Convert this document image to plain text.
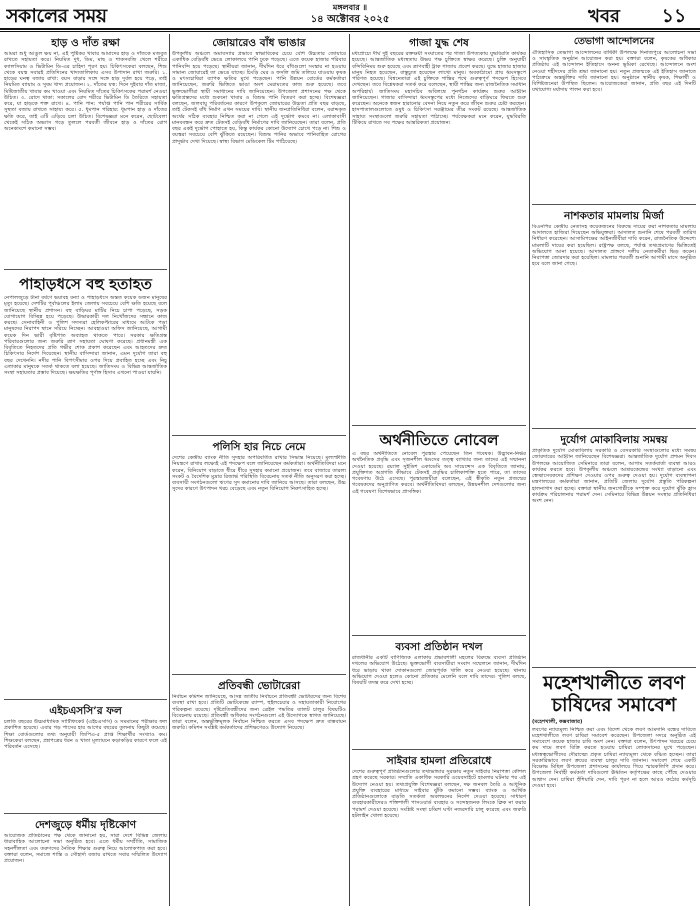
সকালের সময়	মঙ্গলবার ॥
১৪ অক্টোবর ২০২৫	খবর	১১
হাড় ও দাঁত রক্ষা
আমরা শুধু আঙুল ক্ষয় না, এই পুষ্টিকর খাবার আমাদের হাড় ও দাঁতকে মজবুত রাখতে সহায়তা করে। নিয়মিত দুধ, ডিম, মাছ ও শাকসবজি খেলে শরীরে ক্যালসিয়াম ও ভিটামিন ডি-এর চাহিদা পূরণ হয়। চিকিৎসকেরা বলছেন, শিশু থেকে বয়স্ক সবারই প্রতিদিনের খাদ্যতালিকায় এসব উপাদান রাখা জরুরি। ১. হাড়ের ঘনত্ব বজায় রাখা: বয়স বাড়ার সঙ্গে সঙ্গে হাড় দুর্বল হয়ে পড়ে, তাই নিয়মিত ব্যায়াম ও সুষম খাদ্য প্রয়োজন। ২. দাঁতের যত্ন: দিনে দুইবার দাঁত মাজা, মিষ্টিজাতীয় খাবার কম খাওয়া এবং নিয়মিত দাঁতের চিকিৎসকের পরামর্শ নেওয়া উচিত। ৩. রোদে থাকা: সকালের রোদ শরীরে ভিটামিন ডি তৈরিতে সহায়তা করে, যা হাড়কে শক্ত রাখে। ৪. পানি পান: পর্যাপ্ত পানি পান শরীরের সার্বিক সুস্থতা বজায় রাখতে সাহায্য করে। ৫. ধূমপান পরিহার: ধূমপান হাড় ও দাঁতের ক্ষতি করে, তাই এটি এড়িয়ে চলা উচিত। বিশেষজ্ঞরা মনে করেন, ছোটবেলা থেকেই সঠিক অভ্যাস গড়ে তুললে পরবর্তী জীবনে হাড় ও দাঁতের রোগ অনেকাংশে কমানো সম্ভব।
পাহাড়ধসে বহু হতাহত
নেপালজুড়ে টানা বর্ষণে ভয়াবহ বন্যা ও পাহাড়ধসে অন্তত কয়েক ডজন মানুষের মৃত্যু হয়েছে। দেশটির পূর্বাঞ্চলের ইলাম জেলায় সবচেয়ে বেশি ক্ষতি হয়েছে বলে জানিয়েছে স্থানীয় প্রশাসন। বহু বাড়িঘর মাটির নিচে চাপা পড়েছে, সড়ক যোগাযোগ বিচ্ছিন্ন হয়ে পড়েছে। উদ্ধারকারী দল নিখোঁজদের সন্ধানে কাজ করছে। সেনাবাহিনী ও পুলিশ সদস্যরা হেলিকপ্টারের মাধ্যমে আটকে পড়া মানুষদের নিরাপদ স্থানে সরিয়ে নিচ্ছেন। আবহাওয়া অফিস জানিয়েছে, আগামী কয়েক দিন ভারী বৃষ্টিপাত অব্যাহত থাকতে পারে। সরকার ক্ষতিগ্রস্ত পরিবারগুলোর জন্য জরুরি ত্রাণ সহায়তা ঘোষণা করেছে। প্রধানমন্ত্রী এক বিবৃতিতে নিহতদের প্রতি গভীর শোক প্রকাশ করেছেন এবং আহতদের দ্রুত চিকিৎসার নির্দেশ দিয়েছেন। স্থানীয় বাসিন্দারা জানান, এমন দুর্যোগ তারা বহু বছর দেখেননি। নদীর পানি বিপৎসীমার ওপর দিয়ে প্রবাহিত হচ্ছে এবং নিচু এলাকার মানুষকে সতর্ক থাকতে বলা হয়েছে। জাতিসংঘ ও বিভিন্ন আন্তর্জাতিক সংস্থা সহায়তার প্রস্তাব দিয়েছে। ক্ষয়ক্ষতির পূর্ণাঙ্গ হিসাব এখনো পাওয়া যায়নি।
এইচএসসি’র ফল
চলতি বছরের উচ্চমাধ্যমিক সার্টিফিকেট (এইচএসসি) ও সমমানের পরীক্ষার ফল প্রকাশিত হয়েছে। এবার গড় পাসের হার আগের বছরের তুলনায় কিছুটা কমেছে। শিক্ষা বোর্ডগুলোর তথ্য অনুযায়ী জিপিএ-৫ প্রাপ্ত শিক্ষার্থীর সংখ্যাও কম। শিক্ষকেরা বলছেন, প্রশ্নপত্রের ধরন ও খাতা মূল্যায়নে কড়াকড়ির কারণে ফলে এই পরিবর্তন এসেছে।
দেশজুড়ে ধর্মীয় দৃষ্টিকোণ
আয়োজক প্রতিষ্ঠানের পক্ষ থেকে জানানো হয়, সারা দেশে বিভিন্ন জেলায় ধারাবাহিক আলোচনা সভা অনুষ্ঠিত হবে। এতে ধর্মীয় সম্প্রীতি, সামাজিক সহনশীলতা এবং তরুণদের নৈতিক শিক্ষার গুরুত্ব নিয়ে আলোকপাত করা হবে। বক্তারা বলেন, সমাজে শান্তি ও সৌহার্দ্য বজায় রাখতে সবার সম্মিলিত উদ্যোগ প্রয়োজন।
জোয়ারেও বাঁধ ভাঙার
উপকূলীয় অঞ্চলে অমাবস্যার প্রভাবে স্বাভাবিকের চেয়ে বেশি উচ্চতার জোয়ারে একাধিক বেড়িবাঁধ ভেঙে লোকালয়ে পানি ঢুকে পড়েছে। এতে কয়েক হাজার পরিবার পানিবন্দি হয়ে পড়েছে। স্থানীয়রা জানান, দীর্ঘদিন ধরে বাঁধগুলো সংস্কার না হওয়ায় সামান্য জোয়ারেই তা ভেঙে যাচ্ছে। চিংড়ি ঘের ও ফসলি জমি তলিয়ে যাওয়ায় কৃষক ও মৎস্যচাষিরা ব্যাপক ক্ষতির মুখে পড়েছেন। পানি উন্নয়ন বোর্ডের কর্মকর্তারা জানিয়েছেন, জরুরি ভিত্তিতে ভাঙা অংশ মেরামতের কাজ শুরু হয়েছে। তবে ভুক্তভোগীরা স্থায়ী সমাধানের দাবি জানিয়েছেন। উপজেলা প্রশাসনের পক্ষ থেকে ক্ষতিগ্রস্তদের মধ্যে শুকনো খাবার ও বিশুদ্ধ পানি বিতরণ করা হচ্ছে। বিশেষজ্ঞরা বলছেন, জলবায়ু পরিবর্তনের কারণে উপকূলে জোয়ারের উচ্চতা প্রতি বছর বাড়ছে, তাই টেকসই বাঁধ নির্মাণ এখন সময়ের দাবি। স্থানীয় জনপ্রতিনিধিরা বলেন, বরাদ্দকৃত অর্থের সঠিক ব্যবহার নিশ্চিত করা না গেলে এই দুর্ভোগ কমবে না। এলাকাবাসী মানববন্ধন করে দ্রুত টেকসই বেড়িবাঁধ নির্মাণের দাবি জানিয়েছেন। তারা বলেন, প্রতি বছর একই দুর্ভোগ পোহাতে হয়, কিন্তু কার্যকর কোনো উদ্যোগ চোখে পড়ে না। শিশু ও বয়স্করা সবচেয়ে বেশি ঝুঁকিতে রয়েছেন। বিশুদ্ধ পানির অভাবে পানিবাহিত রোগের প্রাদুর্ভাব দেখা দিয়েছে। স্বাস্থ্য বিভাগ মেডিকেল টিম পাঠিয়েছে।
পলিসি হার নিচে নেমে
দেশের কেন্দ্রীয় ব্যাংক নীতি সুদহার অপরিবর্তিত রাখার সিদ্ধান্ত নিয়েছে। মূল্যস্ফীতি নিয়ন্ত্রণে রাখার লক্ষ্যেই এই পদক্ষেপ বলে জানিয়েছেন কর্মকর্তারা। অর্থনীতিবিদরা মনে করেন, বিনিয়োগ বাড়াতে ধীরে ধীরে সুদহার কমানো প্রয়োজন। তবে বাজারে তারল্য সংকট ও বৈদেশিক মুদ্রার রিজার্ভ পরিস্থিতি বিবেচনায় সতর্ক নীতি অনুসরণ করা হচ্ছে। ব্যবসায়ী সংগঠনগুলো ঋণের সুদ কমানোর দাবি জানিয়ে আসছে। তারা বলছেন, উচ্চ সুদের কারণে উৎপাদন খরচ বেড়েছে এবং নতুন বিনিয়োগ নিরুৎসাহিত হচ্ছে।
প্রতিবন্ধী ভোটারেরা
নির্বাচন কমিশন জানিয়েছে, আসন্ন জাতীয় নির্বাচনে প্রতিবন্ধী ভোটারদের জন্য বিশেষ ব্যবস্থা রাখা হবে। প্রতিটি ভোটকেন্দ্রে র‍্যাম্প, হুইলচেয়ার ও সহায়তাকারী নিয়োগের পরিকল্পনা রয়েছে। দৃষ্টিপ্রতিবন্ধীদের জন্য ব্রেইল পদ্ধতির ব্যালট চালুর বিষয়টিও বিবেচনায় রয়েছে। প্রতিবন্ধী অধিকার সংগঠনগুলো এই উদ্যোগকে স্বাগত জানিয়েছে। তারা বলেন, অন্তর্ভুক্তিমূলক নির্বাচন নিশ্চিত করতে এসব পদক্ষেপ দ্রুত বাস্তবায়ন জরুরি। কমিশন সংশ্লিষ্ট কর্মকর্তাদের প্রশিক্ষণেরও উদ্যোগ নিয়েছে।
গাজা যুদ্ধ শেষ
মধ্যপ্রাচ্যে দীর্ঘ দুই বছরের রক্তক্ষয়ী সংঘাতের পর গাজা উপত্যকায় যুদ্ধবিরতি কার্যকর হয়েছে। আন্তর্জাতিক মধ্যস্থতায় উভয় পক্ষ চুক্তিতে স্বাক্ষর করেছে। চুক্তি অনুযায়ী বন্দিবিনিময় শুরু হয়েছে এবং ত্রাণবাহী ট্রাক গাজায় প্রবেশ করছে। যুদ্ধে হাজার হাজার মানুষ নিহত হয়েছেন, বাস্তুচ্যুত হয়েছেন লাখো মানুষ। অবকাঠামো প্রায় ধ্বংসস্তূপে পরিণত হয়েছে। বিশ্বনেতারা এই চুক্তিকে শান্তির পথে গুরুত্বপূর্ণ পদক্ষেপ হিসেবে দেখছেন। তবে বিশ্লেষকরা সতর্ক করে বলেছেন, স্থায়ী শান্তির জন্য রাজনৈতিক সমাধান অপরিহার্য। জাতিসংঘ মহাসচিব অবিলম্বে পুনর্গঠন কার্যক্রম শুরুর আহ্বান জানিয়েছেন। গাজার বাসিন্দারা ধ্বংসস্তূপের মধ্যে নিজেদের বাড়িঘরে ফিরতে শুরু করেছেন। অনেকে স্বজন হারানোর বেদনা নিয়ে নতুন করে জীবন শুরুর চেষ্টা করছেন। হাসপাতালগুলোতে ওষুধ ও চিকিৎসা সরঞ্জামের তীব্র সংকট রয়েছে। আন্তর্জাতিক সাহায্য সংস্থাগুলো জরুরি সহায়তা পাঠাচ্ছে। পর্যবেক্ষকরা মনে করেন, যুদ্ধবিরতি টিকিয়ে রাখতে সব পক্ষের আন্তরিকতা প্রয়োজন।
অর্থনীতিতে নোবেল
এ বছর অর্থনীতিতে নোবেল পুরস্কার পেয়েছেন তিন গবেষক। উদ্ভাবন-নির্ভর অর্থনৈতিক প্রবৃদ্ধি এবং সৃজনশীল ধ্বংসের তত্ত্ব ব্যাখ্যার জন্য তাদের এই সম্মাননা দেওয়া হয়েছে। রয়্যাল সুইডিশ একাডেমি অব সায়েন্সেস এক বিবৃতিতে জানায়, প্রযুক্তিগত অগ্রগতি কীভাবে টেকসই প্রবৃদ্ধির চালিকাশক্তি হতে পারে, তা তাদের গবেষণায় উঠে এসেছে। পুরস্কারজয়ীরা বলেছেন, এই স্বীকৃতি নতুন প্রজন্মের গবেষকদের অনুপ্রাণিত করবে। অর্থনীতিবিদরা বলছেন, উন্নয়নশীল দেশগুলোর জন্য এই গবেষণা বিশেষভাবে প্রাসঙ্গিক।
ব্যবসা প্রতিষ্ঠান দখল
রাজধানীর একটি বাণিজ্যিক এলাকায় প্রভাবশালী মহলের বিরুদ্ধে ব্যবসা প্রতিষ্ঠান দখলের অভিযোগ উঠেছে। ভুক্তভোগী ব্যবসায়ীরা সংবাদ সম্মেলনে জানান, দীর্ঘদিন ধরে ভাড়ায় থাকা দোকানগুলো জোরপূর্বক খালি করে নেওয়া হয়েছে। থানায় অভিযোগ দেওয়া হলেও কোনো প্রতিকার মেলেনি বলে দাবি তাদের। পুলিশ বলছে, বিষয়টি তদন্ত করে দেখা হচ্ছে।
সাইবার হামলা প্রতিরোধে
দেশের গুরুত্বপূর্ণ প্রতিষ্ঠানগুলোর তথ্যভান্ডার সুরক্ষায় নতুন সাইবার নিরাপত্তা কৌশল গ্রহণ করেছে সরকার। সম্প্রতি একাধিক সরকারি ওয়েবসাইটে হামলার ঘটনার পর এই উদ্যোগ নেওয়া হয়। তথ্যপ্রযুক্তি বিশেষজ্ঞরা বলছেন, দক্ষ জনবল তৈরি ও আধুনিক প্রযুক্তি ব্যবহারের মাধ্যমে সাইবার ঝুঁকি কমানো সম্ভব। ব্যাংক ও আর্থিক প্রতিষ্ঠানগুলোকে বাড়তি সতর্কতা অবলম্বনের নির্দেশ দেওয়া হয়েছে। সাধারণ ব্যবহারকারীদেরও শক্তিশালী পাসওয়ার্ড ব্যবহার ও সন্দেহজনক লিংকে ক্লিক না করার পরামর্শ দেওয়া হয়েছে। সংশ্লিষ্ট সংস্থা চব্বিশ ঘণ্টা নজরদারি চালু করেছে এবং জরুরি হটলাইন খোলা হয়েছে।
তেভাগা আন্দোলনের
ঐতিহাসিক তেভাগা আন্দোলনের বার্ষিকী উপলক্ষে দিনাজপুরে আলোচনা সভা ও সাংস্কৃতিক অনুষ্ঠান আয়োজন করা হয়। বক্তারা বলেন, কৃষকের অধিকার প্রতিষ্ঠায় এই আন্দোলন ইতিহাসে অনন্য ভূমিকা রেখেছে। আন্দোলনে অংশ নেওয়া শহীদদের প্রতি শ্রদ্ধা জানানো হয়। নতুন প্রজন্মকে এই ইতিহাস জানাতে পাঠ্যক্রমে অন্তর্ভুক্তির দাবি জানানো হয়। অনুষ্ঠানে স্থানীয় কৃষক, শিক্ষার্থী ও বিশিষ্টজনেরা উপস্থিত ছিলেন। আয়োজকেরা জানান, প্রতি বছর এই দিনটি যথাযোগ্য মর্যাদায় পালন করা হবে।
নাশকতার মামলায় মির্জা
বিএনপির কেন্দ্রীয় নেতাসহ কয়েকজনের বিরুদ্ধে দায়ের করা নাশকতার মামলায় আদালতে হাজিরা দিয়েছেন অভিযুক্তরা। আদালত শুনানি শেষে পরবর্তী তারিখ নির্ধারণ করেছেন। আসামিপক্ষের আইনজীবীরা দাবি করেন, রাজনৈতিক উদ্দেশ্যে মামলাটি দায়ের করা হয়েছিল। রাষ্ট্রপক্ষ বলছে, পর্যাপ্ত তথ্যপ্রমাণের ভিত্তিতেই অভিযোগ আনা হয়েছে। আদালত প্রাঙ্গণে দলীয় নেতাকর্মীরা ভিড় করেন। নিরাপত্তা জোরদার করা হয়েছিল। মামলার পরবর্তী শুনানি আগামী মাসে অনুষ্ঠিত হবে বলে জানা গেছে।
দুর্যোগ মোকাবিলায় সমন্বয়
প্রাকৃতিক দুর্যোগ মোকাবিলায় সরকারি ও বেসরকারি সংস্থাগুলোর মধ্যে সমন্বয় জোরদারের আহ্বান জানিয়েছেন বিশেষজ্ঞরা। আন্তর্জাতিক দুর্যোগ প্রশমন দিবস উপলক্ষে আয়োজিত সেমিনারে তারা বলেন, আগাম সতর্কবার্তা ব্যবস্থা আরও কার্যকর করতে হবে। উপকূলীয় অঞ্চলে আশ্রয়কেন্দ্রের সংখ্যা বাড়ানো এবং স্বেচ্ছাসেবকদের প্রশিক্ষণ দেওয়ার ওপর গুরুত্ব দেওয়া হয়। দুর্যোগ ব্যবস্থাপনা মন্ত্রণালয়ের কর্মকর্তারা জানান, প্রতিটি জেলায় দুর্যোগ প্রস্তুতি পরিকল্পনা হালনাগাদ করা হচ্ছে। বক্তারা স্থানীয় জনগোষ্ঠীকে সম্পৃক্ত করে দুর্যোগ ঝুঁকি হ্রাস কার্যক্রম পরিচালনার পরামর্শ দেন। সেমিনারে বিভিন্ন উন্নয়ন সংস্থার প্রতিনিধিরা অংশ নেন।
মহেশখালীতে লবণ চাষিদের সমাবেশ
(মহেশখালী, কক্সবাজার)
লবণের ন্যায্যমূল্য নিশ্চিত করা এবং বিদেশ থেকে লবণ আমদানি বন্ধের দাবিতে মহেশখালীতে লবণ চাষিরা সমাবেশ করেছেন। উপজেলা সদরে অনুষ্ঠিত এই সমাবেশে কয়েক হাজার চাষি অংশ নেন। বক্তারা বলেন, উৎপাদন খরচের চেয়ে কম দামে লবণ বিক্রি করতে হওয়ায় চাষিরা লোকসানের মুখে পড়েছেন। মধ্যস্বত্বভোগীদের দৌরাত্ম্যে প্রকৃত চাষিরা ন্যায্যমূল্য থেকে বঞ্চিত হচ্ছেন। তারা সরকারিভাবে লবণ ক্রয়ের ব্যবস্থা চালুর দাবি জানান। সমাবেশ শেষে একটি বিক্ষোভ মিছিল উপজেলা প্রশাসনের কার্যালয়ে গিয়ে স্মারকলিপি প্রদান করে। উপজেলা নির্বাহী কর্মকর্তা দাবিগুলো ঊর্ধ্বতন কর্তৃপক্ষের কাছে পৌঁছে দেওয়ার আশ্বাস দেন। চাষিরা হুঁশিয়ারি দেন, দাবি পূরণ না হলে আরও কঠোর কর্মসূচি দেওয়া হবে।
